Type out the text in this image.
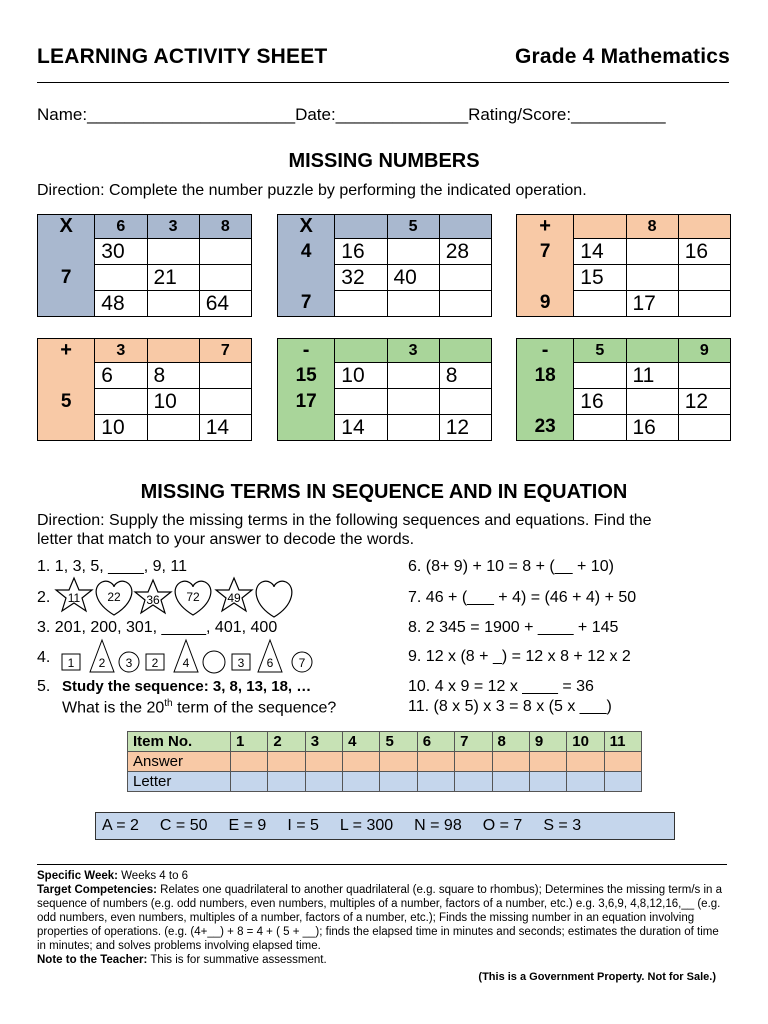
LEARNING ACTIVITY SHEET	Grade 4 Mathematics
Name:______________________Date:______________Rating/Score:__________
MISSING NUMBERS
Direction: Complete the number puzzle by performing the indicated operation.
X	6	3	8
	30		
7		21	
	48		64
X		5	
4	16		28
	32	40	
7			
+		8	
7	14		16
	15		
9		17	
+	3		7
	6	8	
5		10	
	10		14
-		3	
15	10		8
17			
	14		12
-	5		9
18		11	
	16		12
23		16	
MISSING TERMS IN SEQUENCE AND IN EQUATION
Direction: Supply the missing terms in the following sequences and equations. Find the
letter that match to your answer to decode the words.
1. 1, 3, 5, ____, 9, 11
2. 11 22 36 72 49
3. 201, 200, 301, _____, 401, 400
4. 1 2 3 2 4	3 6 7
5. Study the sequence: 3, 8, 13, 18, …
What is the 20th term of the sequence?
6. (8+ 9) + 10 = 8 + (__ + 10)
7. 46 + (___ + 4) = (46 + 4) + 50
8. 2 345 = 1900 + ____ + 145
9. 12 x (8 + _) = 12 x 8 + 12 x 2
10. 4 x 9 = 12 x ____ = 36
11. (8 x 5) x 3 = 8 x (5 x ___)
Item No.	1	2	3	4	5	6	7	8	9	10	11
Answer											
Letter											
A = 2 C = 50 E = 9 I = 5 L = 300 N = 98 O = 7 S = 3
Specific Week: Weeks 4 to 6
Target Competencies: Relates one quadrilateral to another quadrilateral (e.g. square to rhombus); Determines the missing term/s in a sequence of numbers (e.g. odd numbers, even numbers, multiples of a number, factors of a number, etc.) e.g. 3,6,9, 4,8,12,16,__ (e.g. odd numbers, even numbers, multiples of a number, factors of a number, etc.); Finds the missing number in an equation involving properties of operations. (e.g. (4+__) + 8 = 4 + ( 5 + __); finds the elapsed time in minutes and seconds; estimates the duration of time in minutes; and solves problems involving elapsed time.
Note to the Teacher: This is for summative assessment.
(This is a Government Property. Not for Sale.)
